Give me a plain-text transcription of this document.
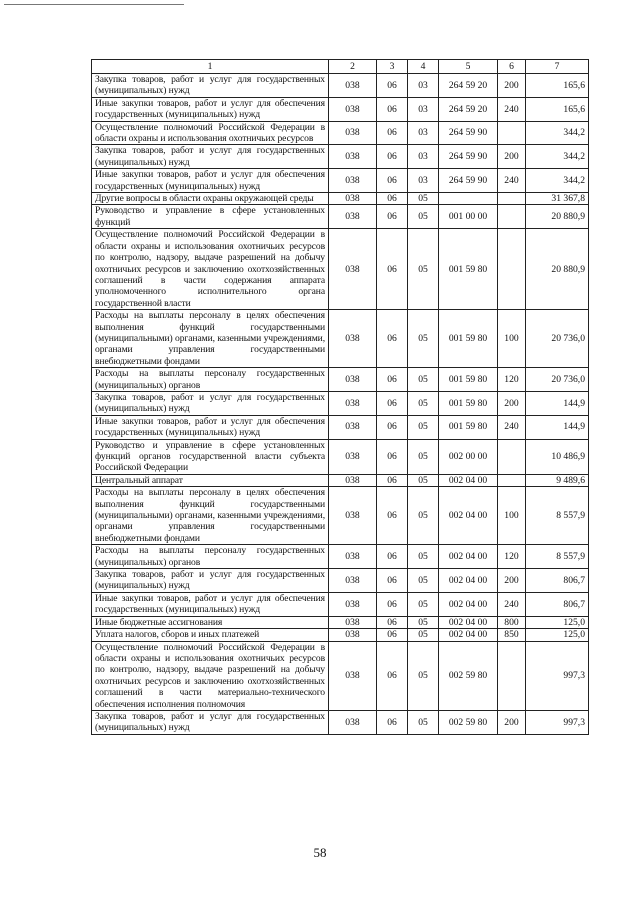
1	2	3	4	5	6	7
Закупка товаров, работ и услуг для государственных (муниципальных) нужд	038	06	03	264 59 20	200	165,6
Иные закупки товаров, работ и услуг для обеспечения государственных (муниципальных) нужд	038	06	03	264 59 20	240	165,6
Осуществление полномочий Российской Федерации в области охраны и использования охотничьих ресурсов	038	06	03	264 59 90		344,2
Закупка товаров, работ и услуг для государственных (муниципальных) нужд	038	06	03	264 59 90	200	344,2
Иные закупки товаров, работ и услуг для обеспечения государственных (муниципальных) нужд	038	06	03	264 59 90	240	344,2
Другие вопросы в области охраны окружающей среды	038	06	05			31 367,8
Руководство и управление в сфере установленных функций	038	06	05	001 00 00		20 880,9
Осуществление полномочий Российской Федерации в области охраны и использования охотничьих ресурсов по контролю, надзору, выдаче разрешений на добычу охотничьих ресурсов и заключению охотхозяйственных соглашений в части содержания аппарата уполномоченного исполнительного органа государственной власти	038	06	05	001 59 80		20 880,9
Расходы на выплаты персоналу в целях обеспечения выполнения функций государственными (муниципальными) органами, казенными учреждениями, органами управления государственными внебюджетными фондами	038	06	05	001 59 80	100	20 736,0
Расходы на выплаты персоналу государственных (муниципальных) органов	038	06	05	001 59 80	120	20 736,0
Закупка товаров, работ и услуг для государственных (муниципальных) нужд	038	06	05	001 59 80	200	144,9
Иные закупки товаров, работ и услуг для обеспечения государственных (муниципальных) нужд	038	06	05	001 59 80	240	144,9
Руководство и управление в сфере установленных функций органов государственной власти субъекта Российской Федерации	038	06	05	002 00 00		10 486,9
Центральный аппарат	038	06	05	002 04 00		9 489,6
Расходы на выплаты персоналу в целях обеспечения выполнения функций государственными (муниципальными) органами, казенными учреждениями, органами управления государственными внебюджетными фондами	038	06	05	002 04 00	100	8 557,9
Расходы на выплаты персоналу государственных (муниципальных) органов	038	06	05	002 04 00	120	8 557,9
Закупка товаров, работ и услуг для государственных (муниципальных) нужд	038	06	05	002 04 00	200	806,7
Иные закупки товаров, работ и услуг для обеспечения государственных (муниципальных) нужд	038	06	05	002 04 00	240	806,7
Иные бюджетные ассигнования	038	06	05	002 04 00	800	125,0
Уплата налогов, сборов и иных платежей	038	06	05	002 04 00	850	125,0
Осуществление полномочий Российской Федерации в области охраны и использования охотничьих ресурсов по контролю, надзору, выдаче разрешений на добычу охотничьих ресурсов и заключению охотхозяйственных соглашений в части материально-технического обеспечения исполнения полномочия	038	06	05	002 59 80		997,3
Закупка товаров, работ и услуг для государственных (муниципальных) нужд	038	06	05	002 59 80	200	997,3
58
